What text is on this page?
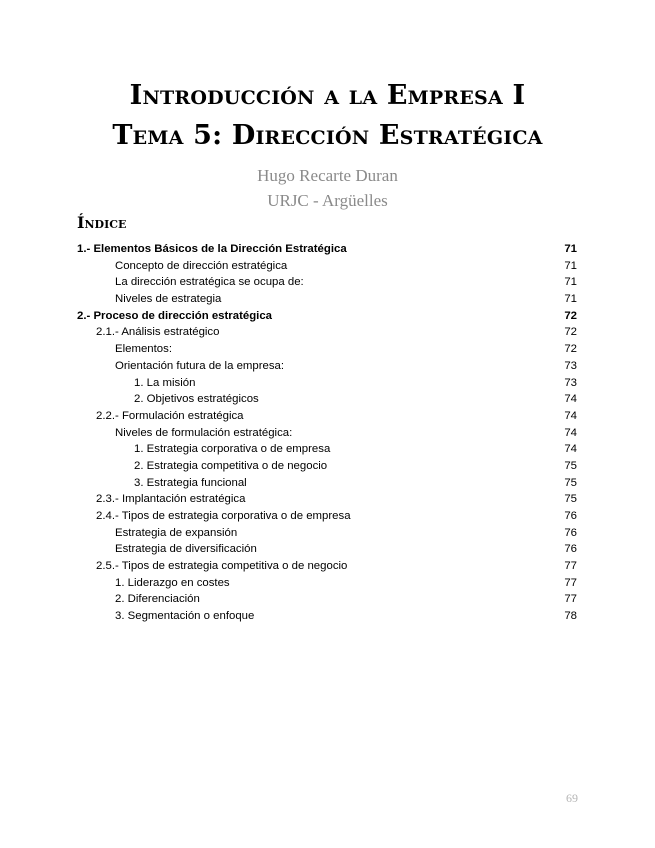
Introducción a la Empresa I
Tema 5: Dirección Estratégica
Hugo Recarte Duran
URJC - Argüelles
Índice
1.- Elementos Básicos de la Dirección Estratégica	71
Concepto de dirección estratégica	71
La dirección estratégica se ocupa de:	71
Niveles de estrategia	71
2.- Proceso de dirección estratégica	72
2.1.- Análisis estratégico	72
Elementos:	72
Orientación futura de la empresa:	73
1. La misión	73
2. Objetivos estratégicos	74
2.2.- Formulación estratégica	74
Niveles de formulación estratégica:	74
1. Estrategia corporativa o de empresa	74
2. Estrategia competitiva o de negocio	75
3. Estrategia funcional	75
2.3.- Implantación estratégica	75
2.4.- Tipos de estrategia corporativa o de empresa	76
Estrategia de expansión	76
Estrategia de diversificación	76
2.5.- Tipos de estrategia competitiva o de negocio	77
1. Liderazgo en costes	77
2. Diferenciación	77
3. Segmentación o enfoque	78
69
